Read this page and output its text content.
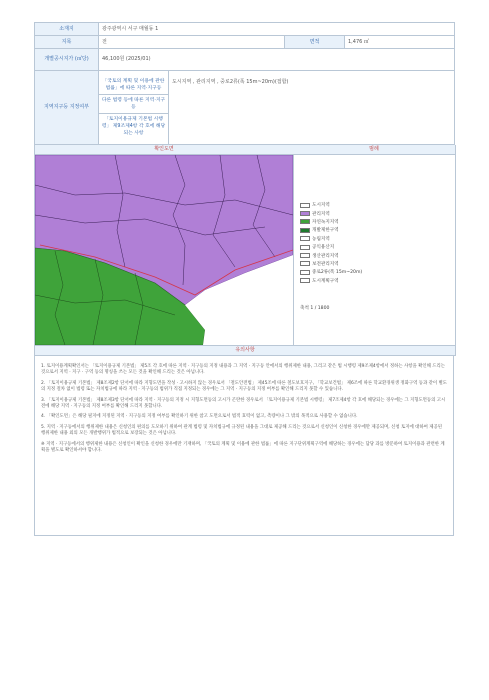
소재지	광주광역시 서구 매월동 1			
지목	전		면적	1,476 ㎡
개별공시지가 (㎡당)	46,100원 (2025/01)			
지역지구등 지정여부	「국토의 계획 및 이용에 관한 법률」에 따른 지역·지구등
다른 법령 등에 따른 지역·지구등
「토지이용규제 기본법 시행령」 제9조제4항 각 호에 해당되는 사항	도시지역 , 관리지역 , 중로2류(폭 15m~20m)(접합)		
확인도면	범례
도시지역
관리지역
자연녹지지역
개발제한구역
농림지역
공익용산지
생산관리지역
보전관리지역
중로2류(폭 15m~20m)
도시계획구역
축척 1 / 1800
유의사항
1. 토지이용계획확인서는 「토지이용규제 기본법」 제5조 각 호에 따른 지역 · 지구등의 지정 내용과 그 지역 · 지구등 안에서의 행위제한 내용, 그리고 같은 법 시행령 제9조제4항에서 정하는 사항을 확인해 드리는 것으로서 지역 · 지구 · 구역 등의 명칭을 쓰는 모든 것을 확인해 드리는 것은 아닙니다.
2. 「토지이용규제 기본법」 제8조제2항 단서에 따라 지형도면을 작성 · 고시하지 않는 경우로서 「철도안전법」 제45조에 따른 철도보호지구, 「학교보건법」 제6조에 따른 학교환경위생 정화구역 등과 같이 별도의 지정 절차 없이 법령 또는 자치법규에 따라 지역 · 지구등의 범위가 직접 지정되는 경우에는 그 지역 · 지구등의 지정 여부를 확인해 드리지 못할 수 있습니다.
3. 「토지이용규제 기본법」 제8조제3항 단서에 따라 지역 · 지구등의 지정 시 지형도면등의 고시가 곤란한 경우로서 「토지이용규제 기본법 시행령」 제7조제4항 각 호에 해당되는 경우에는 그 지형도면등의 고시 전에 해당 지역 · 지구등의 지정 여부를 확인해 드리지 못합니다.
4. 「확인도면」은 해당 필지에 지정된 지역 · 지구등의 지정 여부를 확인하기 위한 참고 도면으로서 법적 효력이 없고, 측량이나 그 밖의 목적으로 사용할 수 없습니다.
5. 지역 · 지구등에서의 행위제한 내용은 신청인의 편의를 도모하기 위하여 관계 법령 및 자치법규에 규정된 내용을 그대로 제공해 드리는 것으로서 신청인이 신청한 경우에만 제공되며, 신청 토지에 대하여 제공된 행위제한 내용 외의 모든 개발행위가 법적으로 보장되는 것은 아닙니다.
※ 지역 · 지구등에서의 행위제한 내용은 신청인이 확인을 신청한 경우에만 기재하며, 「국토의 계획 및 이용에 관한 법률」에 따른 지구단위계획구역에 해당하는 경우에는 담당 과를 방문하여 토지이용과 관련한 계획을 별도로 확인하셔야 합니다.
